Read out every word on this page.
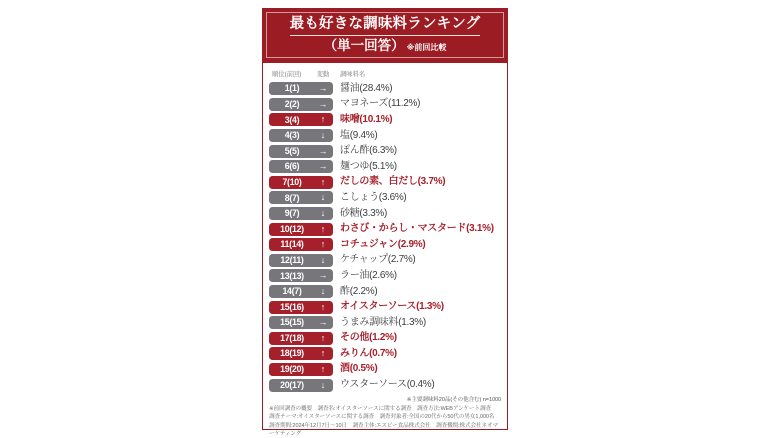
最も好きな調味料ランキング
（単一回答） ※前回比較
順位(前回)	変動	調味料名
1(1)	→	醤油(28.4%)
2(2)	→	マヨネーズ(11.2%)
3(4)	↑	味噌(10.1%)
4(3)	↓	塩(9.4%)
5(5)	→	ぽん酢(6.3%)
6(6)	→	麺つゆ(5.1%)
7(10)	↑	だしの素、白だし(3.7%)
8(7)	↓	こしょう(3.6%)
9(7)	↓	砂糖(3.3%)
10(12)	↑	わさび・からし・マスタード(3.1%)
11(14)	↑	コチュジャン(2.9%)
12(11)	↓	ケチャップ(2.7%)
13(13)	→	ラー油(2.6%)
14(7)	↓	酢(2.2%)
15(16)	↑	オイスターソース(1.3%)
15(15)	→	うまみ調味料(1.3%)
17(18)	↑	その他(1.2%)
18(19)	↑	みりん(0.7%)
19(20)	↑	酒(0.5%)
20(17)	↓	ウスターソース(0.4%)
※主要調味料20品(その他含む) n=1000
※前回調査の概要　調査名:オイスターソースに関する調査　調査方法:WEBアンケート調査　調査テーマ:オイスターソースに関する調査　調査対象者:全国の20代から50代の男女1,000名　調査期間:2024年12月7日～10日　調査主体:エスビー食品株式会社　調査機関:株式会社ネオマーケティング
